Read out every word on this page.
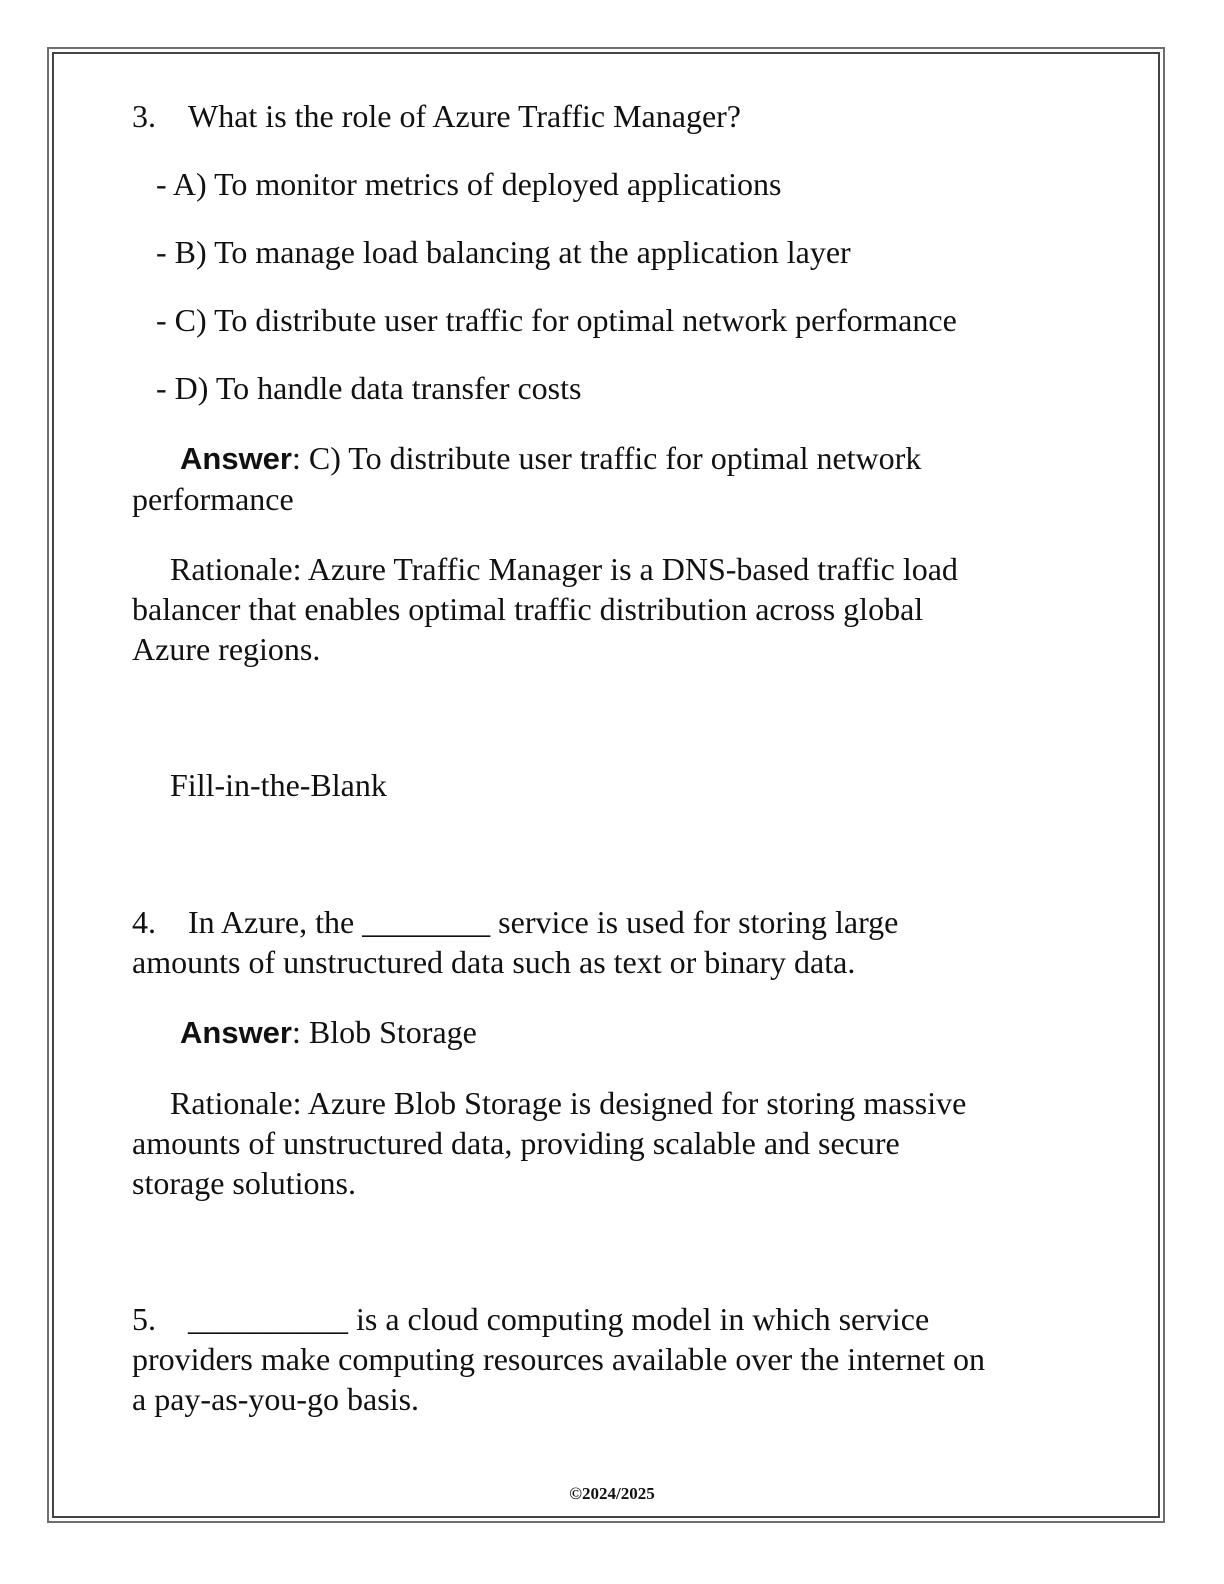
3. What is the role of Azure Traffic Manager?
- A) To monitor metrics of deployed applications
- B) To manage load balancing at the application layer
- C) To distribute user traffic for optimal network performance
- D) To handle data transfer costs
Answer: C) To distribute user traffic for optimal network
performance
Rationale: Azure Traffic Manager is a DNS-based traffic load
balancer that enables optimal traffic distribution across global
Azure regions.
Fill-in-the-Blank
4. In Azure, the ________ service is used for storing large
amounts of unstructured data such as text or binary data.
Answer: Blob Storage
Rationale: Azure Blob Storage is designed for storing massive
amounts of unstructured data, providing scalable and secure
storage solutions.
5. __________ is a cloud computing model in which service
providers make computing resources available over the internet on
a pay-as-you-go basis.
©2024/2025
